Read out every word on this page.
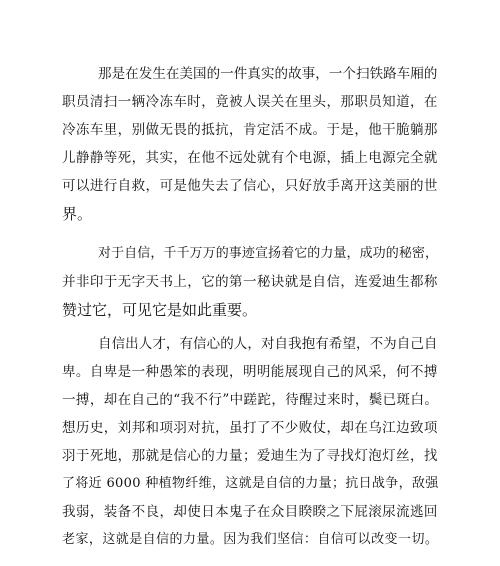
那是在发生在美国的一件真实的故事，一个扫铁路车厢的
职员清扫一辆冷冻车时，竟被人误关在里头，那职员知道，在
冷冻车里，别做无畏的抵抗，肯定活不成。于是，他干脆躺那
儿静静等死，其实，在他不远处就有个电源，插上电源完全就
可以进行自救，可是他失去了信心，只好放手离开这美丽的世
界。
对于自信，千千万万的事迹宣扬着它的力量，成功的秘密，
并非印于无字天书上，它的第一秘诀就是自信，连爱迪生都称
赞过它，可见它是如此重要。
自信出人才，有信心的人，对自我抱有希望，不为自己自
卑。自卑是一种愚笨的表现，明明能展现自己的风采，何不搏
一搏，却在自己的“我不行”中蹉跎，待醒过来时，鬓已斑白。
想历史，刘邦和项羽对抗，虽打了不少败仗，却在乌江边致项
羽于死地，那就是信心的力量；爱迪生为了寻找灯泡灯丝，找
了将近 6000 种植物纤维，这就是自信的力量；抗日战争，敌强
我弱，装备不良，却使日本鬼子在众目睽睽之下屁滚尿流逃回
老家，这就是自信的力量。因为我们坚信：自信可以改变一切。
